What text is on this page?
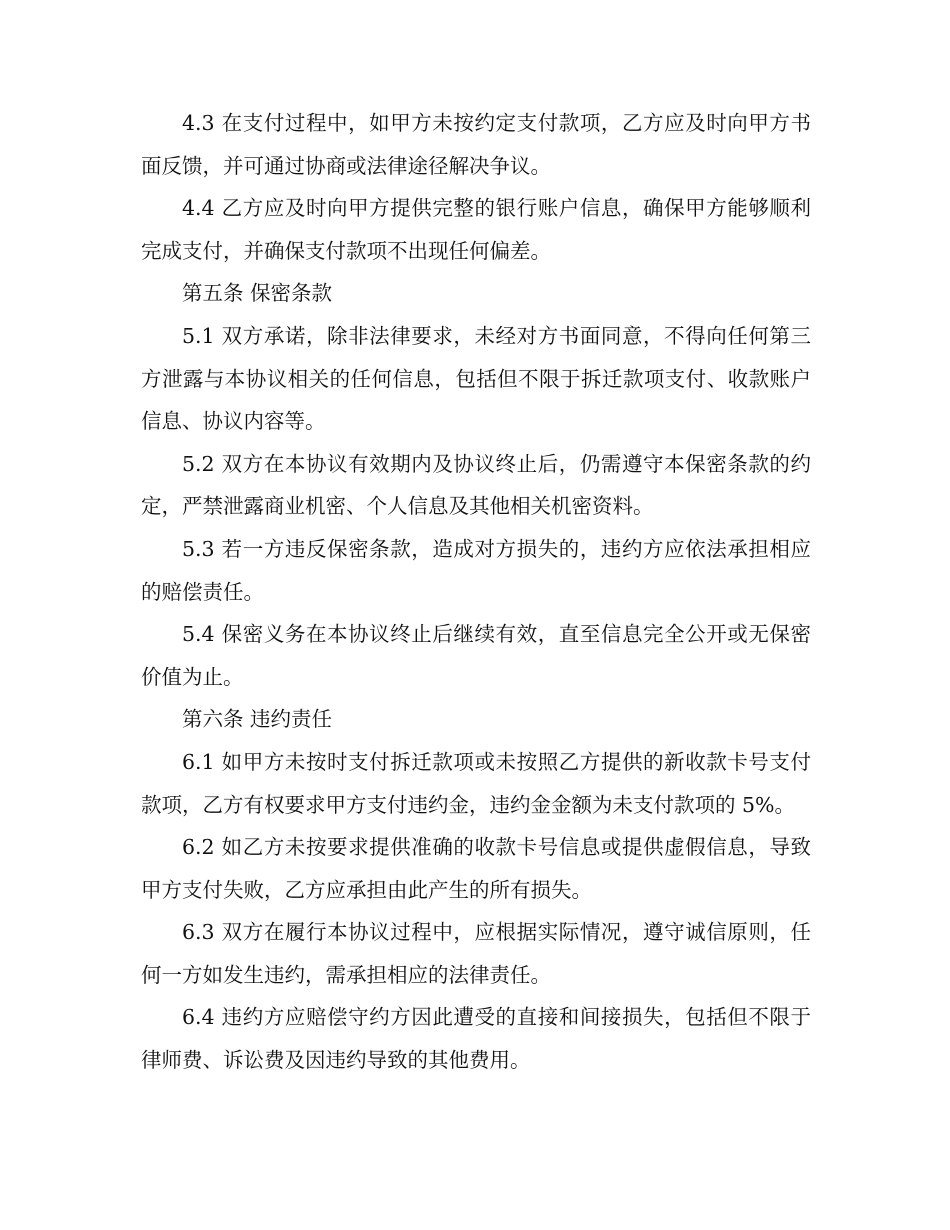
4.3 在支付过程中，如甲方未按约定支付款项，乙方应及时向甲方书面反馈，并可通过协商或法律途径解决争议。

4.4 乙方应及时向甲方提供完整的银行账户信息，确保甲方能够顺利完成支付，并确保支付款项不出现任何偏差。

第五条 保密条款

5.1 双方承诺，除非法律要求，未经对方书面同意，不得向任何第三方泄露与本协议相关的任何信息，包括但不限于拆迁款项支付、收款账户信息、协议内容等。

5.2 双方在本协议有效期内及协议终止后，仍需遵守本保密条款的约定，严禁泄露商业机密、个人信息及其他相关机密资料。

5.3 若一方违反保密条款，造成对方损失的，违约方应依法承担相应的赔偿责任。

5.4 保密义务在本协议终止后继续有效，直至信息完全公开或无保密价值为止。

第六条 违约责任

6.1 如甲方未按时支付拆迁款项或未按照乙方提供的新收款卡号支付款项，乙方有权要求甲方支付违约金，违约金金额为未支付款项的 5%。

6.2 如乙方未按要求提供准确的收款卡号信息或提供虚假信息，导致甲方支付失败，乙方应承担由此产生的所有损失。

6.3 双方在履行本协议过程中，应根据实际情况，遵守诚信原则，任何一方如发生违约，需承担相应的法律责任。

6.4 违约方应赔偿守约方因此遭受的直接和间接损失，包括但不限于律师费、诉讼费及因违约导致的其他费用。
